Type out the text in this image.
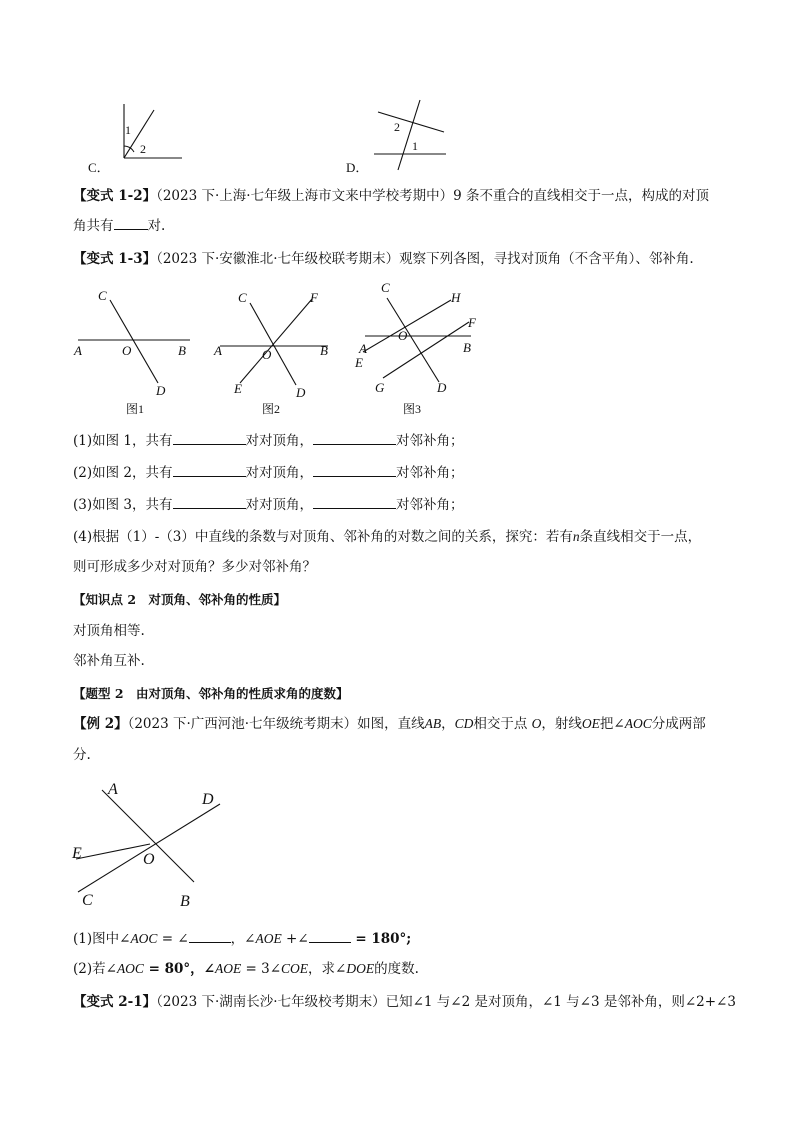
1
2
C．
2
1
D．
【变式 1-2】（2023 下·上海·七年级上海市文来中学校考期中）9 条不重合的直线相交于一点，构成的对顶
角共有	对.
【变式 1-3】（2023 下·安徽淮北·七年级校联考期末）观察下列各图，寻找对顶角（不含平角）、邻补角.
C
A	O	B
D
图1
C	F
A	O	B
E	D
图2
C
H
F
O
A	B
E
G	D
图3
(1)如图 1，共有	对对顶角，	对邻补角；
(2)如图 2，共有	对对顶角，	对邻补角；
(3)如图 3，共有	对对顶角，	对邻补角；
(4)根据（1）-（3）中直线的条数与对顶角、邻补角的对数之间的关系，探究：若有n条直线相交于一点，
则可形成多少对对顶角？多少对邻补角？
【知识点 2　对顶角、邻补角的性质】
对顶角相等.
邻补角互补.
【题型 2　由对顶角、邻补角的性质求角的度数】
【例 2】（2023 下·广西河池·七年级统考期末）如图，直线AB，CD相交于点 O，射线OE把∠AOC分成两部
分.
A
D
E	O
C	B
(1)图中∠AOC = ∠	，∠AOE +∠	= 180°;
(2)若∠AOC = 80°，∠AOE = 3∠COE，求∠DOE的度数.
【变式 2-1】（2023 下·湖南长沙·七年级校考期末）已知∠1 与∠2 是对顶角，∠1 与∠3 是邻补角，则∠2+∠3
